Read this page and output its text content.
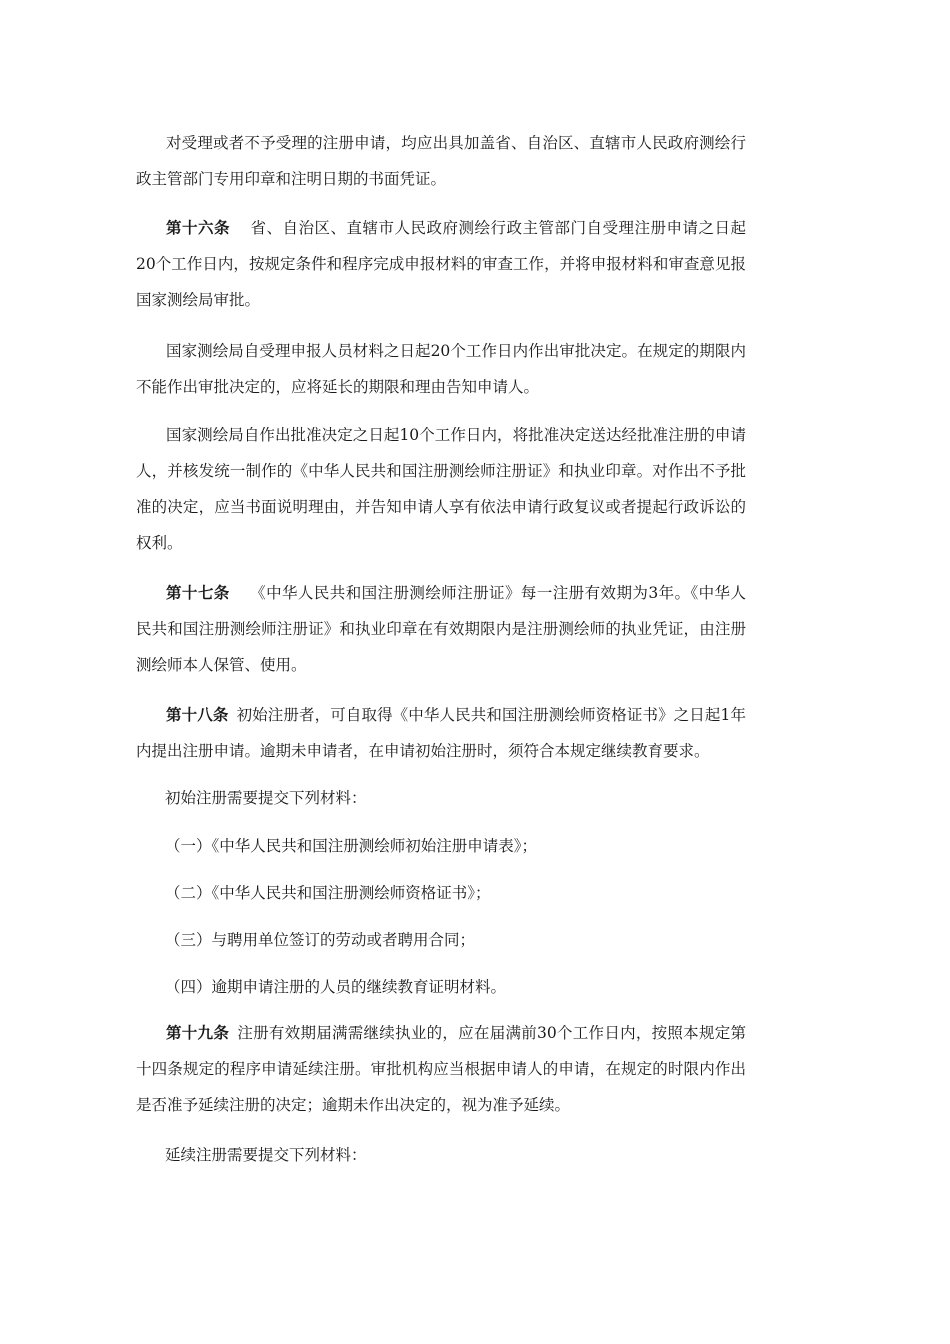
对受理或者不予受理的注册申请，均应出具加盖省、自治区、直辖市人民政府测绘行政主管部门专用印章和注明日期的书面凭证。

第十六条 省、自治区、直辖市人民政府测绘行政主管部门自受理注册申请之日起20个工作日内，按规定条件和程序完成申报材料的审查工作，并将申报材料和审查意见报国家测绘局审批。

国家测绘局自受理申报人员材料之日起20个工作日内作出审批决定。在规定的期限内不能作出审批决定的，应将延长的期限和理由告知申请人。

国家测绘局自作出批准决定之日起10个工作日内，将批准决定送达经批准注册的申请人，并核发统一制作的《中华人民共和国注册测绘师注册证》和执业印章。对作出不予批准的决定，应当书面说明理由，并告知申请人享有依法申请行政复议或者提起行政诉讼的权利。

第十七条 《中华人民共和国注册测绘师注册证》每一注册有效期为3年。《中华人民共和国注册测绘师注册证》和执业印章在有效期限内是注册测绘师的执业凭证，由注册测绘师本人保管、使用。

第十八条 初始注册者，可自取得《中华人民共和国注册测绘师资格证书》之日起1年内提出注册申请。逾期未申请者，在申请初始注册时，须符合本规定继续教育要求。

初始注册需要提交下列材料：

（一）《中华人民共和国注册测绘师初始注册申请表》；

（二）《中华人民共和国注册测绘师资格证书》；

（三）与聘用单位签订的劳动或者聘用合同；

（四）逾期申请注册的人员的继续教育证明材料。

第十九条 注册有效期届满需继续执业的，应在届满前30个工作日内，按照本规定第十四条规定的程序申请延续注册。审批机构应当根据申请人的申请，在规定的时限内作出是否准予延续注册的决定；逾期未作出决定的，视为准予延续。

延续注册需要提交下列材料：
